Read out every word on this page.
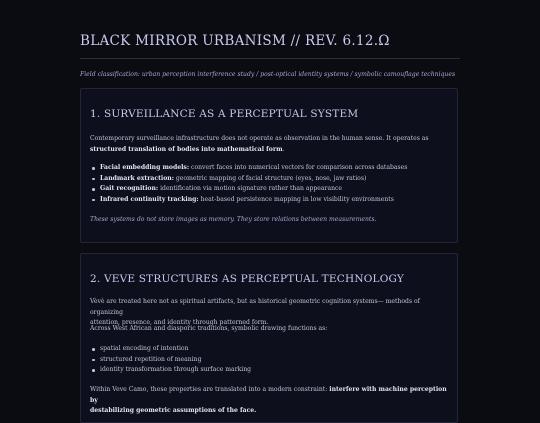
BLACK MIRROR URBANISM // REV. 6.12.Ω
Field classification: urban perception interference study / post-optical identity systems / symbolic camouflage techniques
1. SURVEILLANCE AS A PERCEPTUAL SYSTEM
Contemporary surveillance infrastructure does not operate as observation in the human sense. It operates as
structured translation of bodies into mathematical form.
Facial embedding models: convert faces into numerical vectors for comparison across databases
Landmark extraction: geometric mapping of facial structure (eyes, nose, jaw ratios)
Gait recognition: identification via motion signature rather than appearance
Infrared continuity tracking: heat-based persistence mapping in low visibility environments
These systems do not store images as memory. They store relations between measurements.
2. VEVE STRUCTURES AS PERCEPTUAL TECHNOLOGY
Vèvè are treated here not as spiritual artifacts, but as historical geometric cognition systems— methods of organizing
attention, presence, and identity through patterned form.
Across West African and diasporic traditions, symbolic drawing functions as:
spatial encoding of intention
structured repetition of meaning
identity transformation through surface marking
Within Veve Camo, these properties are translated into a modern constraint: interfere with machine perception by
destabilizing geometric assumptions of the face.
